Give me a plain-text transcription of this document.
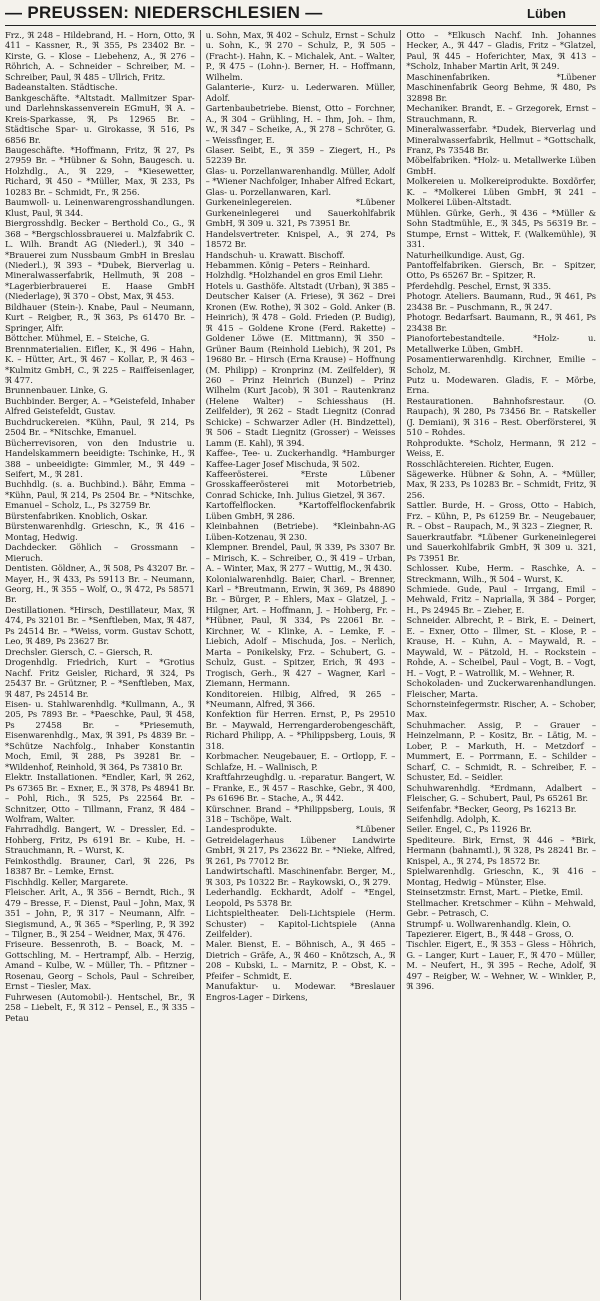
— PREUSSEN: NIEDERSCHLESIEN —	Lüben

Frz., ℜ 248 – Hildebrand, H. – Horn, Otto, ℜ 411 – Kassner, R., ℜ 355, Ps 23402 Br. – Kirste, G. – Klose – Liebehenz, A., ℜ 276 – Röhrich, A. – Schneider – Schreiber, M. – Schreiber, Paul, ℜ 485 – Ullrich, Fritz.

Badeanstalten. Städtische.

Bankgeschäfte. *Altstadt. Mallmitzer Spar- und Darlehnskassenverein EGmuH, ℜ A. – Kreis-Sparkasse, ℜ, Ps 12965 Br. – Städtische Spar- u. Girokasse, ℜ 516, Ps 6856 Br.

Baugeschäfte. *Hoffmann, Fritz, ℜ 27, Ps 27959 Br. – *Hübner & Sohn, Baugesch. u. Holzhdlg., A., ℜ 229, – *Kiesewetter, Richard, ℜ 450 – *Müller, Max, ℜ 233, Ps 10283 Br. – Schmidt, Fr., ℜ 256.

Baumwoll- u. Leinenwarengrosshandlungen. Klust, Paul, ℜ 344.

Biergrosshdlg. Becker – Berthold Co., G., ℜ 368 – *Bergschlossbrauerei u. Malzfabrik C. L. Wilh. Brandt AG (Niederl.), ℜ 340 – *Brauerei zum Nussbaum GmbH in Breslau (Niederl.), ℜ 393 – *Dubek, Bierverlag u. Mineralwasserfabrik, Hellmuth, ℜ 208 – *Lagerbierbrauerei E. Haase GmbH (Niederlage), ℜ 370 – Obst, Max, ℜ 453.

Bildhauer (Stein-). Knabe, Paul – Neumann, Kurt – Reigber, R., ℜ 363, Ps 61470 Br. – Springer, Alfr.

Böttcher. Mühmel, E. – Steiche, G.

Brennmaterialien. Eifler, K., ℜ 496 – Hahn, K. – Hütter, Art., ℜ 467 – Kollar, P., ℜ 463 – *Kulmitz GmbH, C., ℜ 225 – Raiffeisenlager, ℜ 477.

Brunnenbauer. Linke, G.

Buchbinder. Berger, A. – *Geistefeld, Inhaber Alfred Geistefeldt, Gustav.

Buchdruckereien. *Kühn, Paul, ℜ 214, Ps 2504 Br. – *Nitschke, Emanuel.

Bücherrevisoren, von den Industrie u. Handelskammern beeidigte: Tschinke, H., ℜ 388 – unbeeidigte: Gimmler, M., ℜ 449 – Seifert, M., ℜ 281.

Buchhdlg. (s. a. Buchbind.). Bähr, Emma – *Kühn, Paul, ℜ 214, Ps 2504 Br. – *Nitschke, Emanuel – Scholz, L., Ps 32759 Br.

Bürstenfabriken. Knoblich, Oskar.

Bürstenwarenhdlg. Grieschn, K., ℜ 416 – Montag, Hedwig.

Dachdecker. Göhlich – Grossmann – Mieruch.

Dentisten. Göldner, A., ℜ 508, Ps 43207 Br. – Mayer, H., ℜ 433, Ps 59113 Br. – Neumann, Georg, H., ℜ 355 – Wolf, O., ℜ 472, Ps 58571 Br.

Destillationen. *Hirsch, Destillateur, Max, ℜ 474, Ps 32101 Br. – *Senftleben, Max, ℜ 487, Ps 24514 Br. – *Weiss, vorm. Gustav Schott, Leo, ℜ 489, Ps 23627 Br.

Drechsler. Giersch, C. – Giersch, R.

Drogenhdlg. Friedrich, Kurt – *Grotius Nachf. Fritz Geisler, Richard, ℜ 324, Ps 25437 Br. – Grützner, P. – *Senftleben, Max, ℜ 487, Ps 24514 Br.

Eisen- u. Stahlwarenhdlg. *Kullmann, A., ℜ 205, Ps 7893 Br. – *Paeschke, Paul, ℜ 458, Ps 27458 Br. – *Priesemuth, Eisenwarenhdlg., Max, ℜ 391, Ps 4839 Br. – *Schütze Nachfolg., Inhaber Konstantin Moch, Emil, ℜ 288, Ps 39281 Br. – *Wildenhof, Reinhold, ℜ 364, Ps 73810 Br.

Elektr. Installationen. *Endler, Karl, ℜ 262, Ps 67365 Br. – Exner, E., ℜ 378, Ps 48941 Br. – Pohl, Rich., ℜ 525, Ps 22564 Br. – Schnitzer, Otto – Tillmann, Franz, ℜ 484 – Wolfram, Walter.

Fahrradhdlg. Bangert, W. – Dressler, Ed. – Hohberg, Fritz, Ps 6191 Br. – Kube, H. – Strauchmann, R. – Wurst, K.

Feinkosthdlg. Brauner, Carl, ℜ 226, Ps 18387 Br. – Lemke, Ernst.

Fischhdlg. Keller, Margarete.

Fleischer. Arlt, A., ℜ 356 – Berndt, Rich., ℜ 479 – Bresse, F. – Dienst, Paul – John, Max, ℜ 351 – John, P., ℜ 317 – Neumann, Alfr. – Siegismund, A., ℜ 365 – *Sperling, P., ℜ 392 – Tilgner, B., ℜ 254 – Weidner, Max, ℜ 476.

Friseure. Bessenroth, B. – Boack, M. – Gottschling, M. – Hertrampf, Alb. – Herzig, Amand – Kulbe, W. – Müller, Th. – Pfitzner – Rosenau, Georg – Schols, Paul – Schreiber, Ernst – Tiesler, Max.

Fuhrwesen (Automobil-). Hentschel, Br., ℜ 258 – Liebelt, F., ℜ 312 – Pensel, E., ℜ 335 – Petau

u. Sohn, Max, ℜ 402 – Schulz, Ernst – Schulz u. Sohn, K., ℜ 270 – Schulz, P., ℜ 505 – (Fracht-). Hahn, K. – Michalek, Ant. – Walter, P., ℜ 475 – (Lohn-). Berner, H. – Hoffmann, Wilhelm.

Galanterie-, Kurz- u. Lederwaren. Müller, Adolf.

Gartenbaubetriebe. Bienst, Otto – Forchner, A., ℜ 304 – Grühling, H. – Ihm, Joh. – Ihm, W., ℜ 347 – Scheike, A., ℜ 278 – Schröter, G. – Weissfinger, E.

Glaser. Seibt, E., ℜ 359 – Ziegert, H., Ps 52239 Br.

Glas- u. Porzellanwarenhandlg. Müller, Adolf – *Wiener Nachfolger, Inhaber Alfred Eckart, Glas- u. Porzellanwaren, Karl.

Gurkeneinlegereien. *Lübener Gurkeneinlegerei und Sauerkohlfabrik GmbH, ℜ 309 u. 321, Ps 73951 Br.

Handelsvertreter. Knispel, A., ℜ 274, Ps 18572 Br.

Handschuh- u. Krawatt. Bischoff.

Hebammen. König – Peters – Reinhard.

Holzhdlg. *Holzhandel en gros Emil Liehr.

Hotels u. Gasthöfe. Altstadt (Urban), ℜ 385 – Deutscher Kaiser (A. Friese), ℜ 362 – Drei Kronen (Ew. Rothe), ℜ 302 – Gold. Anker (B. Heinrich), ℜ 478 – Gold. Frieden (P. Budig), ℜ 415 – Goldene Krone (Ferd. Rakette) – Goldener Löwe (E. Mittmann), ℜ 350 – Grüner Baum (Reinhold Liebich), ℜ 201, Ps 19680 Br. – Hirsch (Erna Krause) – Hoffnung (M. Philipp) – Kronprinz (M. Zeilfelder), ℜ 260 – Prinz Heinrich (Bunzel) – Prinz Wilhelm (Kurt Jacob), ℜ 301 – Rautenkranz (Helene Walter) – Schiesshaus (H. Zeilfelder), ℜ 262 – Stadt Liegnitz (Conrad Schicke) – Schwarzer Adler (H. Bindzettel), ℜ 506 – Stadt Liegnitz (Grosser) – Weisses Lamm (E. Kahl), ℜ 394.

Kaffee-, Tee- u. Zuckerhandlg. *Hamburger Kaffee-Lager Josef Mischuda, ℜ 502.

Kaffeerösterei. *Erste Lübener Grosskaffeerösterei mit Motorbetrieb, Conrad Schicke, Inh. Julius Gietzel, ℜ 367.

Kartoffelflocken. *Kartoffelflockenfabrik Lüben GmbH, ℜ 286.

Kleinbahnen (Betriebe). *Kleinbahn-AG Lüben-Kotzenau, ℜ 230.

Klempner. Brendel, Paul, ℜ 339, Ps 3307 Br. – Mirisch, K. – Schreiber, O., ℜ 419 – Urban, A. – Winter, Max, ℜ 277 – Wuttig, M., ℜ 430.

Kolonialwarenhdlg. Baier, Charl. – Brenner, Karl – *Breutmann, Erwin, ℜ 369, Ps 48890 Br. – Bürger, P. – Ehlers, Max – Glatzel, J. – Hilgner, Art. – Hoffmann, J. – Hohberg, Fr. – *Hübner, Paul, ℜ 334, Ps 22061 Br. – Kirchner, W. – Klinke, A. – Lemke, F. – Liebich, Adolf – Mischuda, Jos. – Nerlich, Marta – Ponikelsky, Frz. – Schubert, G. – Schulz, Gust. – Spitzer, Erich, ℜ 493 – Trogisch, Gerh., ℜ 427 – Wagner, Karl – Ziemann, Hermann.

Konditoreien. Hilbig, Alfred, ℜ 265 – *Neumann, Alfred, ℜ 366.

Konfektion für Herren. Ernst, P., Ps 29510 Br. – Maywald, Herrengarderobengeschäft, Richard Philipp, A. – *Philippsberg, Louis, ℜ 318.

Korbmacher. Neugebauer, E. – Ortlopp, F. – Schlafze, H. – Wallnisch, P.

Kraftfahrzeughdlg. u. -reparatur. Bangert, W. – Franke, E., ℜ 457 – Raschke, Gebr., ℜ 400, Ps 61696 Br. – Stache, A., ℜ 442.

Kürschner. Brand – *Philippsberg, Louis, ℜ 318 – Tschöpe, Walt.

Landesprodukte. *Lübener Getreidelagerhaus Lübener Landwirte GmbH, ℜ 217, Ps 23622 Br. – *Nieke, Alfred, ℜ 261, Ps 77012 Br.

Landwirtschaftl. Maschinenfabr. Berger, M., ℜ 303, Ps 10322 Br. – Raykowski, O., ℜ 279.

Lederhandlg. Eckhardt, Adolf – *Engel, Leopold, Ps 5378 Br.

Lichtspieltheater. Deli-Lichtspiele (Herm. Schuster) – Kapitol-Lichtspiele (Anna Zeilfelder).

Maler. Bienst, E. – Böhnisch, A., ℜ 465 – Dietrich – Gräfe, A., ℜ 460 – Knötzsch, A., ℜ 208 – Kubski, L. – Marnitz, P. – Obst, K. – Pfeifer – Schmidt, E.

Manufaktur- u. Modewar. *Breslauer Engros-Lager – Dirkens,

Otto – *Elkusch Nachf. Inh. Johannes Hecker, A., ℜ 447 – Gladis, Fritz – *Glatzel, Paul, ℜ 445 – Hoferichter, Max, ℜ 413 – *Scholz, Inhaber Martin Arlt, ℜ 249.

Maschinenfabriken. *Lübener Maschinenfabrik Georg Behme, ℜ 480, Ps 32898 Br.

Mechaniker. Brandt, E. – Grzegorek, Ernst – Strauchmann, R.

Mineralwasserfabr. *Dudek, Bierverlag und Mineralwasserfabrik, Hellmut – *Gottschalk, Franz, Ps 73548 Br.

Möbelfabriken. *Holz- u. Metallwerke Lüben GmbH.

Molkereien u. Molkereiprodukte. Boxdörfer, K. – *Molkerei Lüben GmbH, ℜ 241 – Molkerei Lüben-Altstadt.

Mühlen. Gürke, Gerh., ℜ 436 – *Müller & Sohn Stadtmühle, E., ℜ 345, Ps 56319 Br. – Stumpe, Ernst – Wittek, F. (Walkemühle), ℜ 331.

Naturheilkundige. Aust, Gg.

Pantoffelfabriken. Giersch, Br. – Spitzer, Otto, Ps 65267 Br. – Spitzer, R.

Pferdehdlg. Peschel, Ernst, ℜ 335.

Photogr. Ateliers. Baumann, Rud., ℜ 461, Ps 23438 Br. – Puschmann, R., ℜ 247.

Photogr. Bedarfsart. Baumann, R., ℜ 461, Ps 23438 Br.

Pianofortebestandteile. *Holz- u. Metallwerke Lüben, GmbH.

Posamentierwarenhdlg. Kirchner, Emilie – Scholz, M.

Putz u. Modewaren. Gladis, F. – Mörbe, Erna.

Restaurationen. Bahnhofsrestaur. (O. Raupach), ℜ 280, Ps 73456 Br. – Ratskeller (J. Demiani), ℜ 316 – Rest. Oberförsterei, ℜ 510 – Rohdes.

Rohprodukte. *Scholz, Hermann, ℜ 212 – Weiss, E.

Rosschlächtereien. Richter, Eugen.

Sägewerke. Hübner & Sohn, A. – *Müller, Max, ℜ 233, Ps 10283 Br. – Schmidt, Fritz, ℜ 256.

Sattler. Burde, H. – Gross, Otto – Habich, Frz. – Kühn, P., Ps 61259 Br. – Neugebauer, R. – Obst – Raupach, M., ℜ 323 – Ziegner, R.

Sauerkrautfabr. *Lübener Gurkeneinlegerei und Sauerkohlfabrik GmbH, ℜ 309 u. 321, Ps 73951 Br.

Schlosser. Kube, Herm. – Raschke, A. – Streckmann, Wilh., ℜ 504 – Wurst, K.

Schmiede. Gude, Paul – Irrgang, Emil – Mehwald, Fritz – Naprialla, ℜ 384 – Porger, H., Ps 24945 Br. – Zieher, E.

Schneider. Albrecht, P. – Birk, E. – Deinert, E. – Exner, Otto – Illmer, St. – Klose, P. – Krause, H. – Kuhn, A. – Maywald, R. – Maywald, W. – Pätzold, H. – Rockstein – Rohde, A. – Scheibel, Paul – Vogt, B. – Vogt, H. – Vogt, P. – Watrollik, M. – Wehner, R.

Schokoladen- und Zuckerwarenhandlungen. Fleischer, Marta.

Schornsteinfegermstr. Rischer, A. – Schober, Max.

Schuhmacher. Assig, P. – Grauer – Heinzelmann, P. – Kositz, Br. – Lätig, M. – Lober, P. – Markuth, H. – Metzdorf – Mummert, E. – Porrmann, E. – Schilder – Scharf, C. – Schmidt, R. – Schreiber, F. – Schuster, Ed. – Seidler.

Schuhwarenhdlg. *Erdmann, Adalbert – Fleischer, G. – Schubert, Paul, Ps 65261 Br.

Seifenfabr. *Becker, Georg, Ps 16213 Br.

Seifenhdlg. Adolph, K.

Seiler. Engel, C., Ps 11926 Br.

Spediteure. Birk, Ernst, ℜ 446 – *Birk, Hermann (bahnamtl.), ℜ 328, Ps 28241 Br. – Knispel, A., ℜ 274, Ps 18572 Br.

Spielwarenhdlg. Grieschn, K., ℜ 416 – Montag, Hedwig – Münster, Else.

Steinsetzmstr. Ernst, Mart. – Pietke, Emil.

Stellmacher. Kretschmer – Kühn – Mehwald, Gebr. – Petrasch, C.

Strumpf- u. Wollwarenhandlg. Klein, O.

Tapezierer. Eigert, B., ℜ 448 – Gross, O.

Tischler. Eigert, E., ℜ 353 – Gless – Höhrich, G. – Langer, Kurt – Lauer, F., ℜ 470 – Müller, M. – Neufert, H., ℜ 395 – Reche, Adolf, ℜ 497 – Reigber, W. – Wehner, W. – Winkler, P., ℜ 396.
